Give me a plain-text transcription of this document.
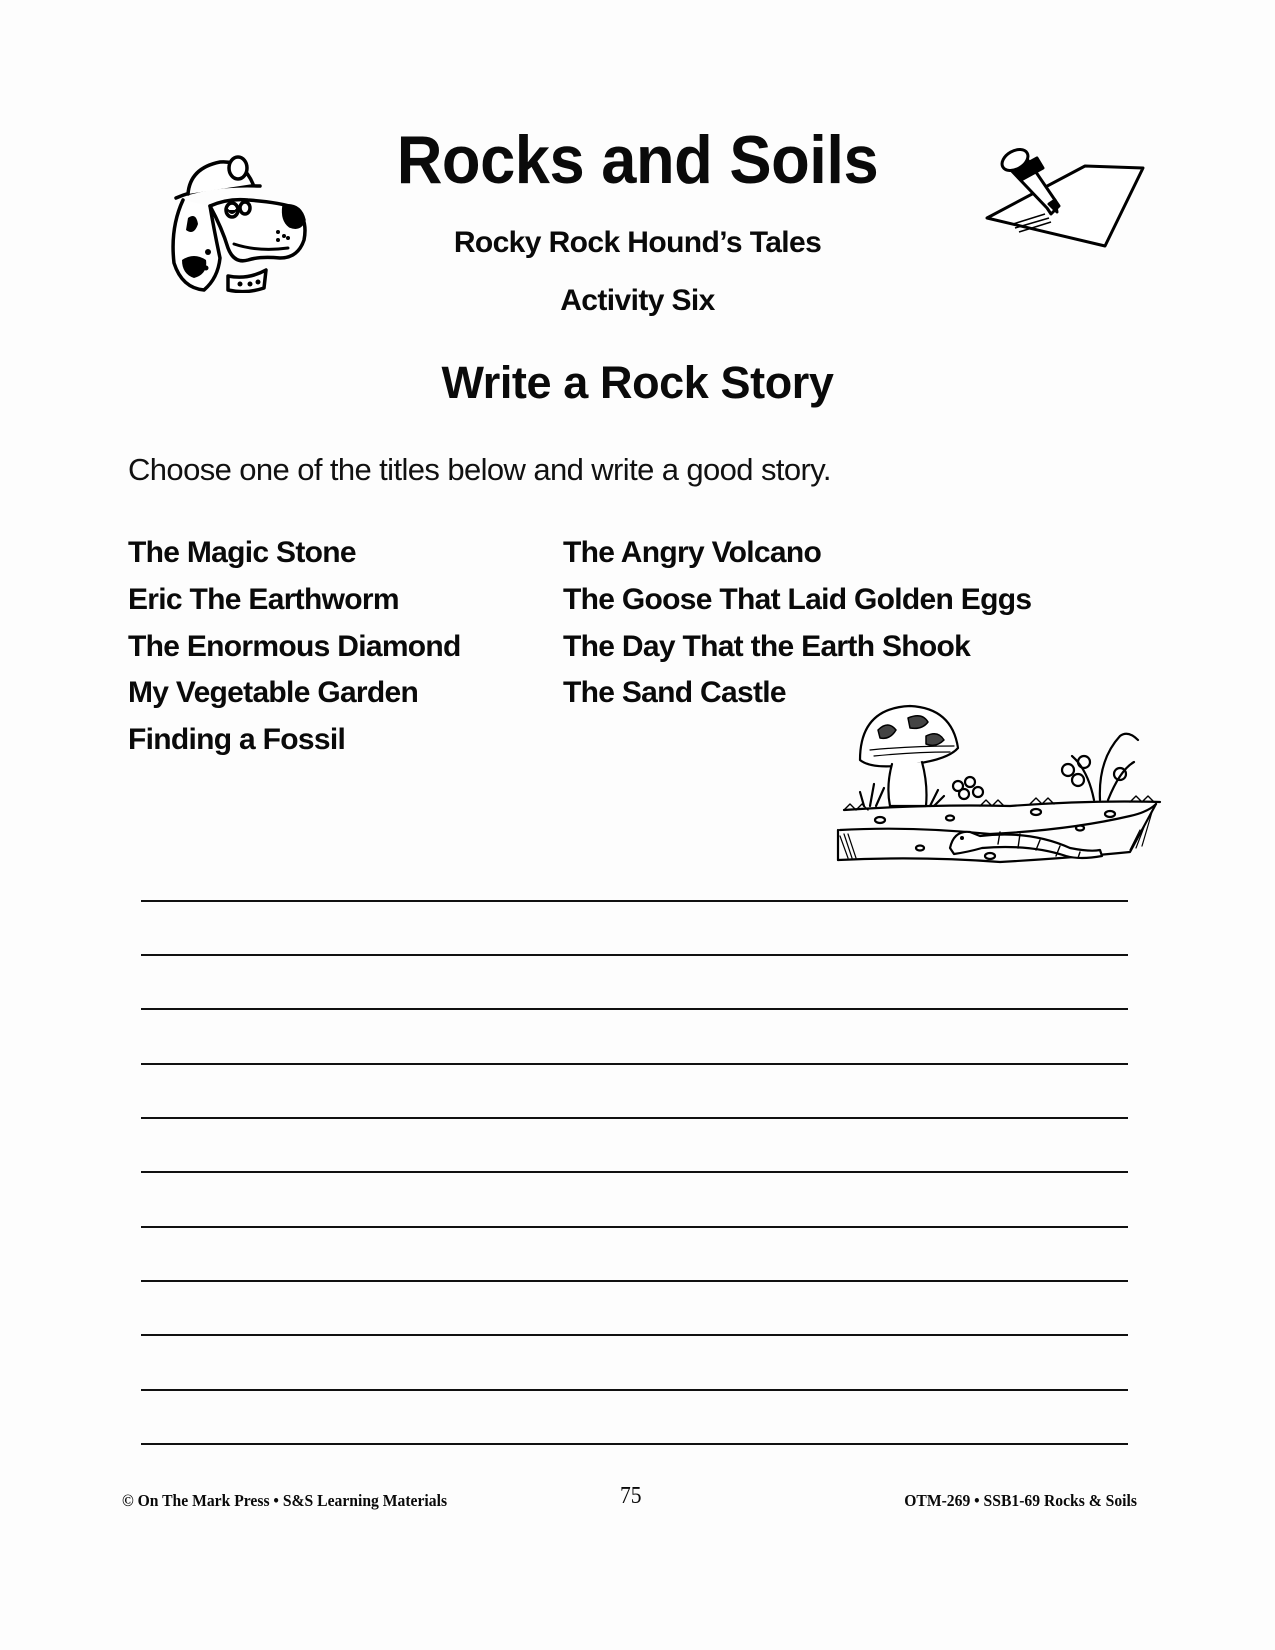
Rocks and Soils
Rocky Rock Hound’s Tales
Activity Six
Write a Rock Story
Choose one of the titles below and write a good story.
The Magic Stone
Eric The Earthworm
The Enormous Diamond
My Vegetable Garden
Finding a Fossil
The Angry Volcano
The Goose That Laid Golden Eggs
The Day That the Earth Shook
The Sand Castle
© On The Mark Press • S&S Learning Materials	75	OTM-269 • SSB1-69 Rocks & Soils
